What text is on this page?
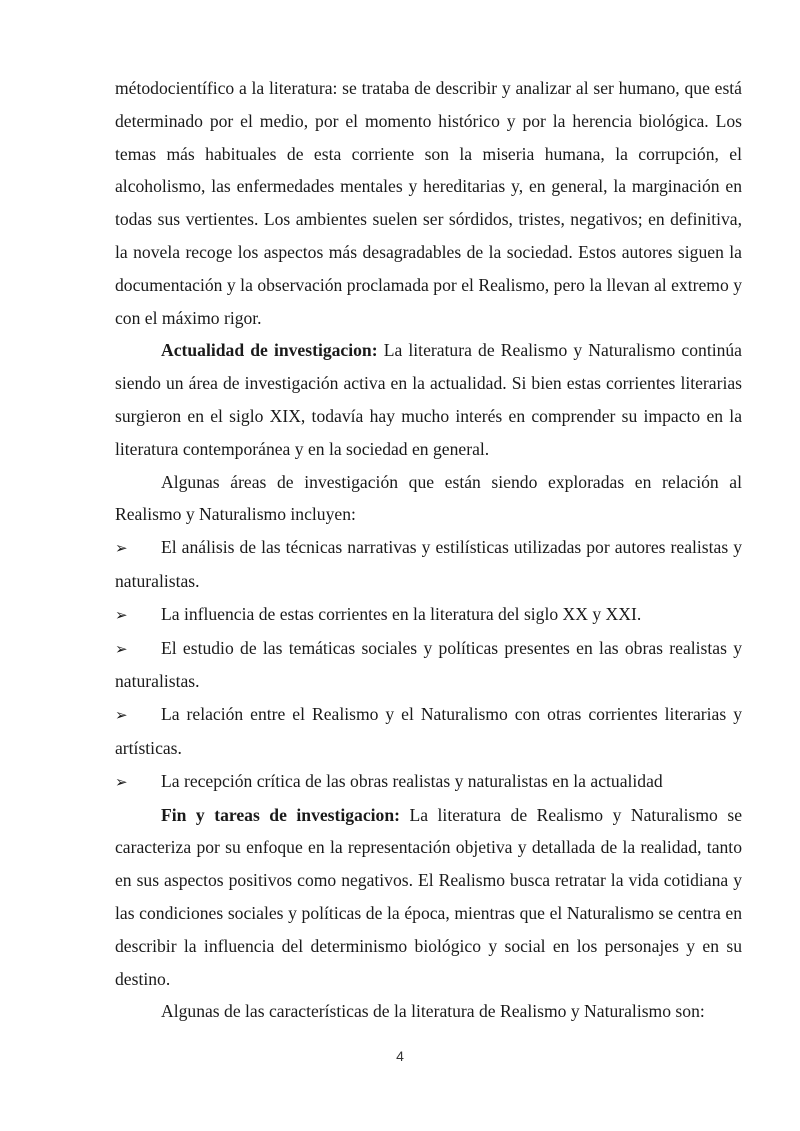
métodocientífico a la literatura: se trataba de describir y analizar al ser humano, que está determinado por el medio, por el momento histórico y por la herencia biológica. Los temas más habituales de esta corriente son la miseria humana, la corrupción, el alcoholismo, las enfermedades mentales y hereditarias y, en general, la marginación en todas sus vertientes. Los ambientes suelen ser sórdidos, tristes, negativos; en definitiva, la novela recoge los aspectos más desagradables de la sociedad. Estos autores siguen la documentación y la observación proclamada por el Realismo, pero la llevan al extremo y con el máximo rigor.

Actualidad de investigacion: La literatura de Realismo y Naturalismo continúa siendo un área de investigación activa en la actualidad. Si bien estas corrientes literarias surgieron en el siglo XIX, todavía hay mucho interés en comprender su impacto en la literatura contemporánea y en la sociedad en general.

Algunas áreas de investigación que están siendo exploradas en relación al Realismo y Naturalismo incluyen:

➢ El análisis de las técnicas narrativas y estilísticas utilizadas por autores realistas y naturalistas.

➢ La influencia de estas corrientes en la literatura del siglo XX y XXI.

➢ El estudio de las temáticas sociales y políticas presentes en las obras realistas y naturalistas.

➢ La relación entre el Realismo y el Naturalismo con otras corrientes literarias y artísticas.

➢ La recepción crítica de las obras realistas y naturalistas en la actualidad

Fin y tareas de investigacion: La literatura de Realismo y Naturalismo se caracteriza por su enfoque en la representación objetiva y detallada de la realidad, tanto en sus aspectos positivos como negativos. El Realismo busca retratar la vida cotidiana y las condiciones sociales y políticas de la época, mientras que el Naturalismo se centra en describir la influencia del determinismo biológico y social en los personajes y en su destino.

Algunas de las características de la literatura de Realismo y Naturalismo son:

4
